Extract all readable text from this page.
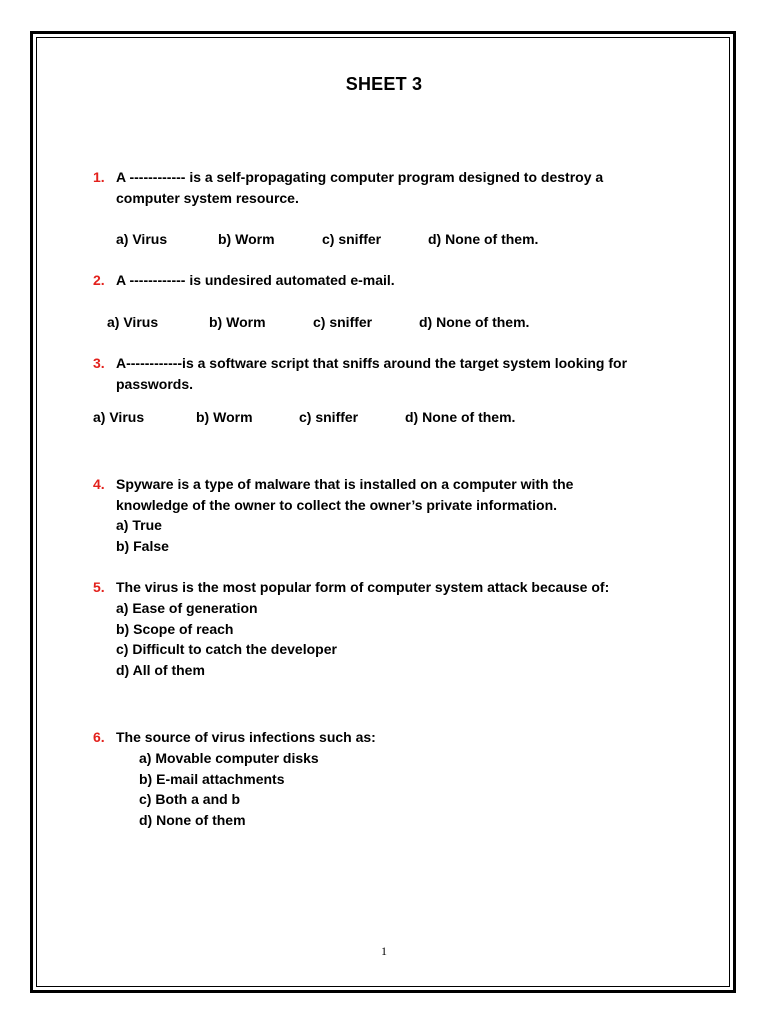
SHEET 3
1. A ------------ is a self-propagating computer program designed to destroy a
computer system resource.
a) Virus	b) Worm	c) sniffer	d) None of them.
2. A ------------ is undesired automated e-mail.
a) Virus	b) Worm	c) sniffer	d) None of them.
3. A------------is a software script that sniffs around the target system looking for
passwords.
a) Virus	b) Worm	c) sniffer	d) None of them.
4. Spyware is a type of malware that is installed on a computer with the
knowledge of the owner to collect the owner’s private information.
a) True
b) False
5. The virus is the most popular form of computer system attack because of:
a) Ease of generation
b) Scope of reach
c) Difficult to catch the developer
d) All of them
6. The source of virus infections such as:
a) Movable computer disks
b) E-mail attachments
c) Both a and b
d) None of them
1
